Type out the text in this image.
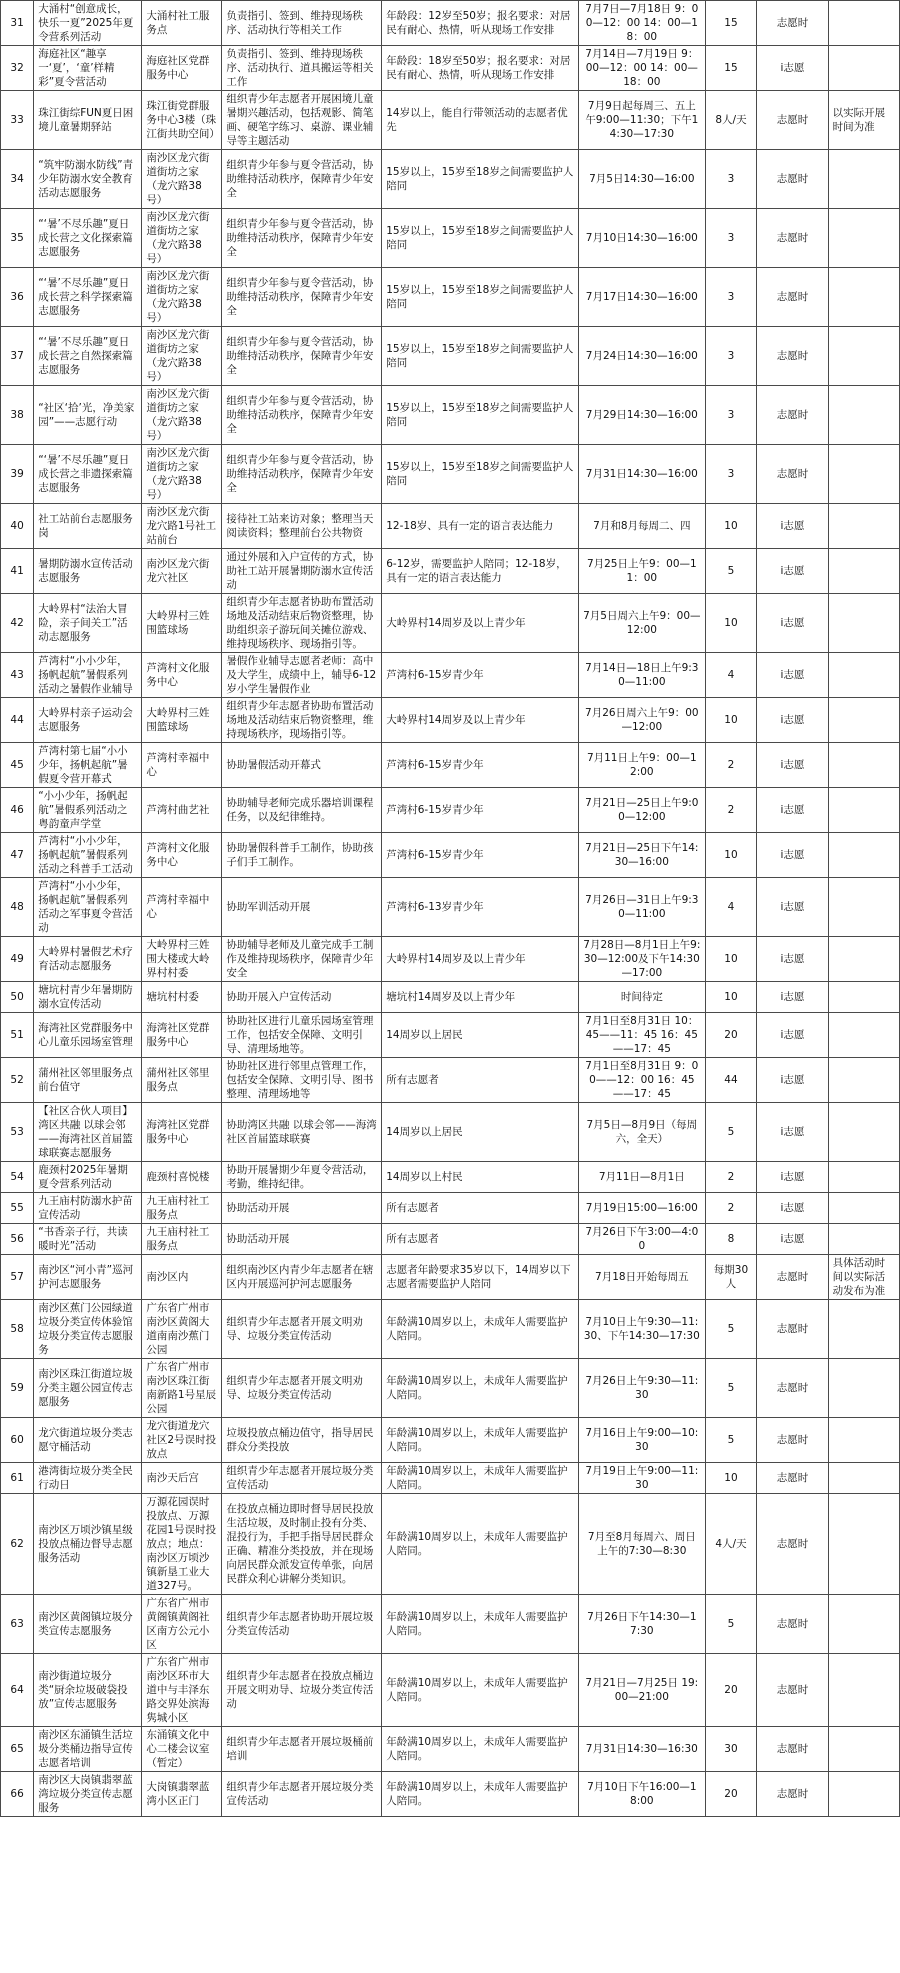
31	大涌村“创意成长，快乐一夏”2025年夏令营系列活动	大涌村社工服务点	负责指引、签到、维持现场秩序、活动执行等相关工作	年龄段：12岁至50岁；报名要求：对居民有耐心、热情，听从现场工作安排	7月7日—7月18日 9：00—12：00 14：00—18：00	15	志愿时	
32	海庭社区“趣享一‘夏’，‘童’样精彩”夏令营活动	海庭社区党群服务中心	负责指引、签到、维持现场秩序、活动执行、道具搬运等相关工作	年龄段：18岁至50岁；报名要求：对居民有耐心、热情，听从现场工作安排	7月14日—7月19日 9：00—12：00 14：00—18：00	15	i志愿	
33	珠江街综FUN夏日困境儿童暑期驿站	珠江街党群服务中心3楼（珠江街共助空间）	组织青少年志愿者开展困境儿童暑期兴趣活动，包括观影、简笔画、硬笔字练习、桌游、课业辅导等主题活动	14岁以上，能自行带领活动的志愿者优先	7月9日起每周三、五上午9:00—11:30；下午14:30—17:30	8人/天	志愿时	以实际开展时间为准
34	“筑牢防溺水防线”青少年防溺水安全教育活动志愿服务	南沙区龙穴街道街坊之家（龙穴路38号）	组织青少年参与夏令营活动，协助维持活动秩序，保障青少年安全	15岁以上，15岁至18岁之间需要监护人陪同	7月5日14:30—16:00	3	志愿时	
35	“‘暑’不尽乐趣”夏日成长营之文化探索篇志愿服务	南沙区龙穴街道街坊之家（龙穴路38号）	组织青少年参与夏令营活动，协助维持活动秩序，保障青少年安全	15岁以上，15岁至18岁之间需要监护人陪同	7月10日14:30—16:00	3	志愿时	
36	“‘暑’不尽乐趣”夏日成长营之科学探索篇志愿服务	南沙区龙穴街道街坊之家（龙穴路38号）	组织青少年参与夏令营活动，协助维持活动秩序，保障青少年安全	15岁以上，15岁至18岁之间需要监护人陪同	7月17日14:30—16:00	3	志愿时	
37	“‘暑’不尽乐趣”夏日成长营之自然探索篇志愿服务	南沙区龙穴街道街坊之家（龙穴路38号）	组织青少年参与夏令营活动，协助维持活动秩序，保障青少年安全	15岁以上，15岁至18岁之间需要监护人陪同	7月24日14:30—16:00	3	志愿时	
38	“社区‘拾’光，净美家园”——志愿行动	南沙区龙穴街道街坊之家（龙穴路38号）	组织青少年参与夏令营活动，协助维持活动秩序，保障青少年安全	15岁以上，15岁至18岁之间需要监护人陪同	7月29日14:30—16:00	3	志愿时	
39	“‘暑’不尽乐趣”夏日成长营之非遗探索篇志愿服务	南沙区龙穴街道街坊之家（龙穴路38号）	组织青少年参与夏令营活动，协助维持活动秩序，保障青少年安全	15岁以上，15岁至18岁之间需要监护人陪同	7月31日14:30—16:00	3	志愿时	
40	社工站前台志愿服务岗	南沙区龙穴街龙穴路1号社工站前台	接待社工站来访对象；整理当天阅读资料；整理前台公共物资	12-18岁、具有一定的语言表达能力	7月和8月每周二、四	10	i志愿	
41	暑期防溺水宣传活动志愿服务	南沙区龙穴街龙穴社区	通过外展和入户宣传的方式，协助社工站开展暑期防溺水宣传活动	6-12岁，需要监护人陪同；12-18岁，具有一定的语言表达能力	7月25日上午9：00—11：00	5	i志愿	
42	大岭界村“法治大冒险，亲子间关工”活动志愿服务	大岭界村三姓围篮球场	组织青少年志愿者协助布置活动场地及活动结束后物资整理，协助组织亲子游玩间关摊位游戏、维持现场秩序、现场指引等。	大岭界村14周岁及以上青少年	7月5日周六上午9：00—12:00	10	i志愿	
43	芦湾村“小小少年，扬帆起航”暑假系列活动之暑假作业辅导	芦湾村文化服务中心	暑假作业辅导志愿者老师：高中及大学生，成绩中上，辅导6-12岁小学生暑假作业	芦湾村6-15岁青少年	7月14日—18日上午9:30—11:00	4	i志愿	
44	大岭界村亲子运动会志愿服务	大岭界村三姓围篮球场	组织青少年志愿者协助布置活动场地及活动结束后物资整理，维持现场秩序，现场指引等。	大岭界村14周岁及以上青少年	7月26日周六上午9：00—12:00	10	i志愿	
45	芦湾村第七届“小小少年，扬帆起航”暑假夏令营开幕式	芦湾村幸福中心	协助暑假活动开幕式	芦湾村6-15岁青少年	7月11日上午9：00—12:00	2	i志愿	
46	“小小少年，扬帆起航”暑假系列活动之粤韵童声学堂	芦湾村曲艺社	协助辅导老师完成乐器培训课程任务，以及纪律维持。	芦湾村6-15岁青少年	7月21日—25日上午9:00—12:00	2	i志愿	
47	芦湾村“小小少年，扬帆起航”暑假系列活动之科普手工活动	芦湾村文化服务中心	协助暑假科普手工制作，协助孩子们手工制作。	芦湾村6-15岁青少年	7月21日—25日下午14:30—16:00	10	i志愿	
48	芦湾村“小小少年，扬帆起航”暑假系列活动之军事夏令营活动	芦湾村幸福中心	协助军训活动开展	芦湾村6-13岁青少年	7月26日—31日上午9:30—11:00	4	i志愿	
49	大岭界村暑假艺术疗育活动志愿服务	大岭界村三姓围大楼或大岭界村村委	协助辅导老师及儿童完成手工制作及维持现场秩序，保障青少年安全	大岭界村14周岁及以上青少年	7月28日—8月1日上午9:30—12:00及下午14:30—17:00	10	i志愿	
50	塘坑村青少年暑期防溺水宣传活动	塘坑村村委	协助开展入户宣传活动	塘坑村14周岁及以上青少年	时间待定	10	i志愿	
51	海湾社区党群服务中心儿童乐园场室管理	海湾社区党群服务中心	协助社区进行儿童乐园场室管理工作，包括安全保障、文明引导、清理场地等。	14周岁以上居民	7月1日至8月31日 10：45——11：45 16：45——17：45	20	i志愿	
52	蒲州社区邻里服务点前台值守	蒲州社区邻里服务点	协助社区进行邻里点管理工作，包括安全保障、文明引导、图书整理、清理场地等	所有志愿者	7月1日至8月31日 9：00——12：00 16：45——17：45	44	i志愿	
53	【社区合伙人项目】湾区共融 以球会邻——海湾社区首届篮球联赛志愿服务	海湾社区党群服务中心	协助湾区共融 以球会邻——海湾社区首届篮球联赛	14周岁以上居民	7月5日—8月9日（每周六，全天）	5	i志愿	
54	鹿颈村2025年暑期夏令营系列活动	鹿颈村喜悦楼	协助开展暑期少年夏令营活动，考勤，维持纪律。	14周岁以上村民	7月11日—8月1日	2	i志愿	
55	九王庙村防溺水护苗宣传活动	九王庙村社工服务点	协助活动开展	所有志愿者	7月19日15:00—16:00	2	i志愿	
56	“书香亲子行，共读暖时光”活动	九王庙村社工服务点	协助活动开展	所有志愿者	7月26日下午3:00—4:00	8	i志愿	
57	南沙区“河小青”巡河护河志愿服务	南沙区内	组织南沙区内青少年志愿者在辖区内开展巡河护河志愿服务	志愿者年龄要求35岁以下，14周岁以下志愿者需要监护人陪同	7月18日开始每周五	每期30人	志愿时	具体活动时间以实际活动发布为准
58	南沙区蕉门公园绿道垃圾分类宣传体验馆垃圾分类宣传志愿服务	广东省广州市南沙区黄阁大道南南沙蕉门公园	组织青少年志愿者开展文明劝导、垃圾分类宣传活动	年龄满10周岁以上，未成年人需要监护人陪同。	7月10日上午9:30—11:30、下午14:30—17:30	5	志愿时	
59	南沙区珠江街道垃圾分类主题公园宣传志愿服务	广东省广州市南沙区珠江街南新路1号星辰公园	组织青少年志愿者开展文明劝导、垃圾分类宣传活动	年龄满10周岁以上，未成年人需要监护人陪同。	7月26日上午9:30—11:30	5	志愿时	
60	龙穴街道垃圾分类志愿守桶活动	龙穴街道龙穴社区2号误时投放点	垃圾投放点桶边值守，指导居民群众分类投放	年龄满10周岁以上，未成年人需要监护人陪同。	7月16日上午9:00—10:30	5	志愿时	
61	港湾街垃圾分类全民行动日	南沙天后宫	组织青少年志愿者开展垃圾分类宣传活动	年龄满10周岁以上，未成年人需要监护人陪同。	7月19日上午9:00—11:30	10	志愿时	
62	南沙区万顷沙镇星级投放点桶边督导志愿服务活动	万源花园误时投放点、万源花园1号误时投放点；地点：南沙区万顷沙镇新垦工业大道327号。	在投放点桶边即时督导居民投放生活垃圾，及时制止投有分类、混投行为，手把手指导居民群众正确、精准分类投放，并在现场向居民群众派发宣传单张，向居民群众利心讲解分类知识。	年龄满10周岁以上，未成年人需要监护人陪同。	7月至8月每周六、周日上午的7:30—8:30	4人/天	志愿时	
63	南沙区黄阁镇垃圾分类宣传志愿服务	广东省广州市黄阁镇黄阁社区南方公元小区	组织青少年志愿者协助开展垃圾分类宣传活动	年龄满10周岁以上，未成年人需要监护人陪同。	7月26日下午14:30—17:30	5	志愿时	
64	南沙街道垃圾分类“厨余垃圾破袋投放”宣传志愿服务	广东省广州市南沙区环市大道中与丰泽东路交界处滨海隽城小区	组织青少年志愿者在投放点桶边开展文明劝导、垃圾分类宣传活动	年龄满10周岁以上，未成年人需要监护人陪同。	7月21日—7月25日 19:00—21:00	20	志愿时	
65	南沙区东涌镇生活垃圾分类桶边指导宣传志愿者培训	东涌镇文化中心二楼会议室（暂定）	组织青少年志愿者开展垃圾桶前培训	年龄满10周岁以上，未成年人需要监护人陪同。	7月31日14:30—16:30	30	志愿时	
66	南沙区大岗镇翡翠蓝湾垃圾分类宣传志愿服务	大岗镇翡翠蓝湾小区正门	组织青少年志愿者开展垃圾分类宣传活动	年龄满10周岁以上，未成年人需要监护人陪同。	7月10日下午16:00—18:00	20	志愿时	
